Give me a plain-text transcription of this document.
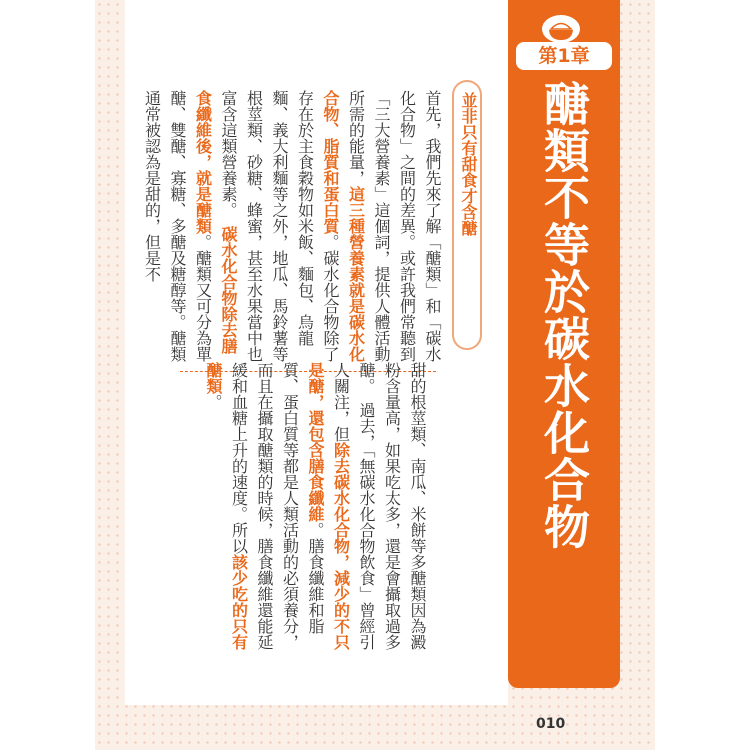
第1章
醣類不等於碳水化合物
並非只有甜食才含醣

首先，我們先來了解「醣類」和「碳水化合物」之間的差異。或許我們常聽到「三大營養素」這個詞，提供人體活動所需的能量，這三種營養素就是碳水化合物、脂質和蛋白質。碳水化合物除了存在於主食穀物如米飯、麵包、烏龍麵、義大利麵等之外，地瓜、馬鈴薯等根莖類、砂糖、蜂蜜，甚至水果當中也富含這類營養素。　碳水化合物除去膳食纖維後，就是醣類。醣類又可分為單醣、雙醣、寡糖、多醣及糖醇等。醣類通常被認為是甜的，但是不

甜的根莖類、南瓜、米餅等多醣類因為澱粉含量高，如果吃太多，還是會攝取過多醣。　過去，「無碳水化合物飲食」曾經引人關注，但除去碳水化合物，減少的不只是醣，還包含膳食纖維。膳食纖維和脂質、蛋白質等都是人類活動的必須養分，而且在攝取醣類的時候，膳食纖維還能延緩和血糖上升的速度。所以該少吃的只有醣類。

010
